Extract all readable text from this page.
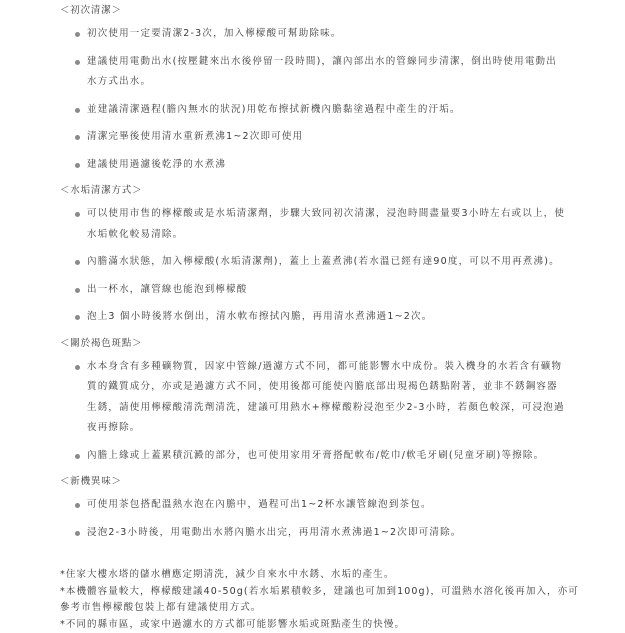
＜初次清潔＞
初次使用一定要清潔2-3次，加入檸檬酸可幫助除味。
建議使用電動出水(按壓鍵來出水後停留一段時間)，讓內部出水的管線同步清潔，倒出時使用電動出水方式出水。
並建議清潔過程(膽內無水的狀況)用乾布擦拭新機內膽黏塗過程中產生的汙垢。
清潔完畢後使用清水重新煮沸1~2次即可使用
建議使用過濾後乾淨的水煮沸
＜水垢清潔方式＞
可以使用市售的檸檬酸或是水垢清潔劑，步驟大致同初次清潔，浸泡時間盡量要3小時左右或以上，使水垢軟化較易清除。
內膽滿水狀態，加入檸檬酸(水垢清潔劑)，蓋上上蓋煮沸(若水溫已經有達90度，可以不用再煮沸)。
出一杯水，讓管線也能泡到檸檬酸
泡上3 個小時後將水倒出，清水軟布擦拭內膽，再用清水煮沸過1~2次。
＜關於褐色斑點＞
水本身含有多種礦物質，因家中管線/過濾方式不同，都可能影響水中成份。裝入機身的水若含有礦物質的鐵質成分，亦或是過濾方式不同，使用後都可能使內膽底部出現褐色銹點附著，並非不銹鋼容器生銹，請使用檸檬酸清洗劑清洗，建議可用熱水+檸檬酸粉浸泡至少2-3小時，若顏色較深，可浸泡過夜再擦除。
內膽上緣或上蓋累積沉澱的部分，也可使用家用牙膏搭配軟布/乾巾/軟毛牙刷(兒童牙刷)等擦除。
＜新機異味＞
可使用茶包搭配溫熱水泡在內膽中，過程可出1~2杯水讓管線泡到茶包。
浸泡2-3小時後，用電動出水將內膽水出完，再用清水煮沸過1~2次即可清除。
*住家大樓水塔的儲水槽應定期清洗，減少自來水中水銹、水垢的產生。
*本機體容量較大，檸檬酸建議40-50g(若水垢累積較多，建議也可加到100g)，可溫熱水溶化後再加入，亦可參考市售檸檬酸包裝上都有建議使用方式。
*不同的縣市區，或家中過濾水的方式都可能影響水垢或斑點產生的快慢。
